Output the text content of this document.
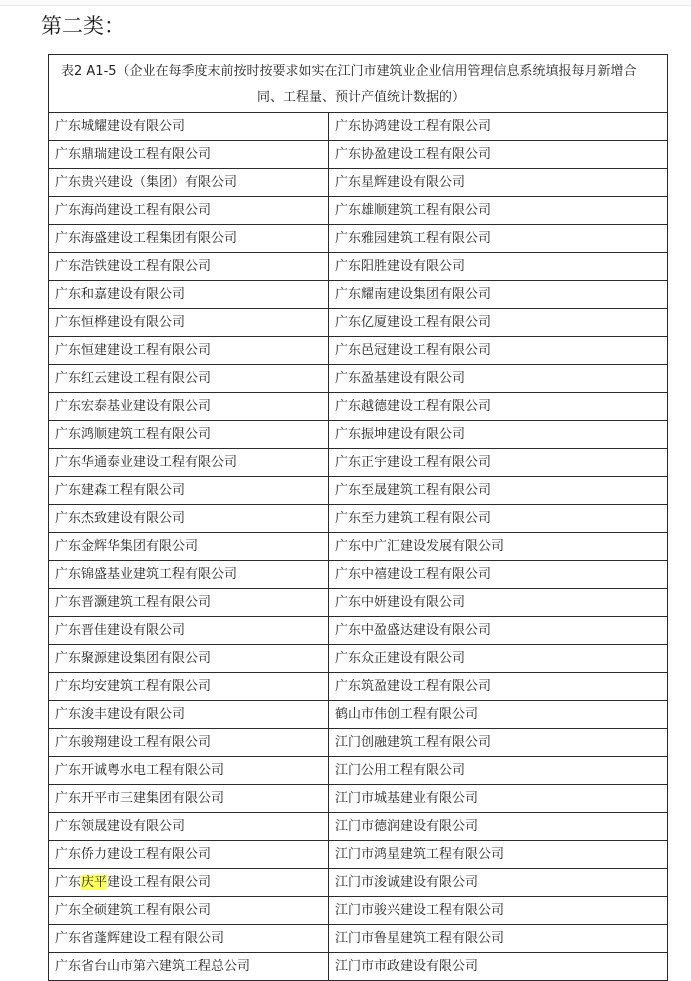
第二类：
表2 A1-5（企业在每季度末前按时按要求如实在江门市建筑业企业信用管理信息系统填报每月新增合
同、工程量、预计产值统计数据的）	

广东城耀建设有限公司	广东协鸿建设工程有限公司
广东鼎瑞建设工程有限公司	广东协盈建设工程有限公司
广东贵兴建设（集团）有限公司	广东星辉建设有限公司
广东海尚建设工程有限公司	广东雄顺建筑工程有限公司
广东海盛建设工程集团有限公司	广东雅园建筑工程有限公司
广东浩铁建设工程有限公司	广东阳胜建设有限公司
广东和嘉建设有限公司	广东耀南建设集团有限公司
广东恒桦建设有限公司	广东亿厦建设工程有限公司
广东恒建建设工程有限公司	广东邑冠建设工程有限公司
广东红云建设工程有限公司	广东盈基建设有限公司
广东宏泰基业建设有限公司	广东越德建设工程有限公司
广东鸿顺建筑工程有限公司	广东振坤建设有限公司
广东华通泰业建设工程有限公司	广东正宇建设工程有限公司
广东建森工程有限公司	广东至晟建筑工程有限公司
广东杰致建设有限公司	广东至力建筑工程有限公司
广东金辉华集团有限公司	广东中广汇建设发展有限公司
广东锦盛基业建筑工程有限公司	广东中禧建设工程有限公司
广东晋灏建筑工程有限公司	广东中妍建设有限公司
广东晋佳建设有限公司	广东中盈盛达建设有限公司
广东聚源建设集团有限公司	广东众正建设有限公司
广东均安建筑工程有限公司	广东筑盈建设工程有限公司
广东浚丰建设有限公司	鹤山市伟创工程有限公司
广东骏翔建设工程有限公司	江门创融建筑工程有限公司
广东开诚粤水电工程有限公司	江门公用工程有限公司
广东开平市三建集团有限公司	江门市城基建业有限公司
广东领晟建设有限公司	江门市德润建设有限公司
广东侨力建设工程有限公司	江门市鸿星建筑工程有限公司
广东庆平建设工程有限公司	江门市浚诚建设有限公司
广东全硕建筑工程有限公司	江门市骏兴建设工程有限公司
广东省蓬辉建设工程有限公司	江门市鲁星建筑工程有限公司
广东省台山市第六建筑工程总公司	江门市市政建设有限公司
